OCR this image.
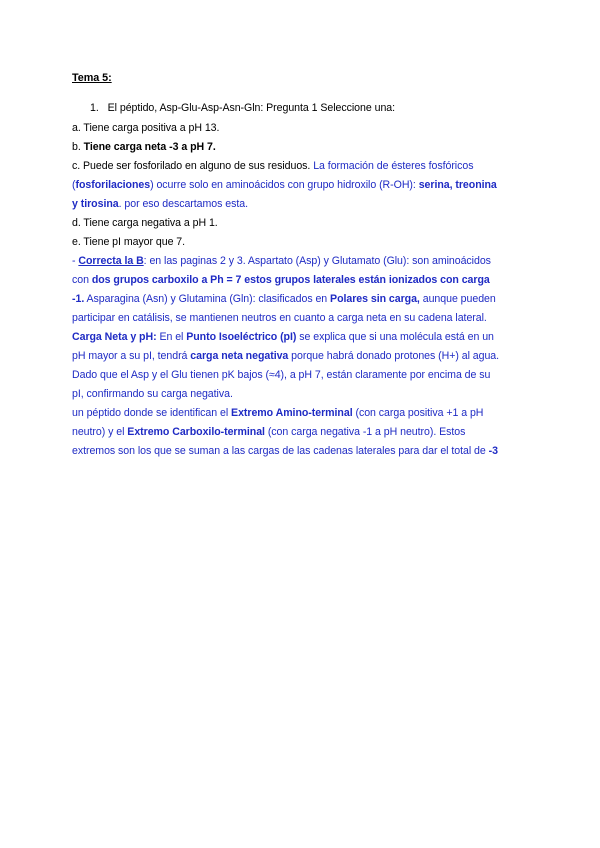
Tema 5:
1. El péptido, Asp-Glu-Asp-Asn-Gln: Pregunta 1 Seleccione una:
a. Tiene carga positiva a pH 13.
b. Tiene carga neta -3 a pH 7.
c. Puede ser fosforilado en alguno de sus residuos. La formación de ésteres fosfóricos
(fosforilaciones) ocurre solo en aminoácidos con grupo hidroxilo (R-OH): serina, treonina
y tirosina. por eso descartamos esta.
d. Tiene carga negativa a pH 1.
e. Tiene pI mayor que 7.
- Correcta la B: en las paginas 2 y 3. Aspartato (Asp) y Glutamato (Glu): son aminoácidos
con dos grupos carboxilo a Ph = 7 estos grupos laterales están ionizados con carga
-1. Asparagina (Asn) y Glutamina (Gln): clasificados en Polares sin carga, aunque pueden
participar en catálisis, se mantienen neutros en cuanto a carga neta en su cadena lateral.
Carga Neta y pH: En el Punto Isoeléctrico (pI) se explica que si una molécula está en un
pH mayor a su pI, tendrá carga neta negativa porque habrá donado protones (H+) al agua.
Dado que el Asp y el Glu tienen pK bajos (≈4), a pH 7, están claramente por encima de su
pI, confirmando su carga negativa.
un péptido donde se identifican el Extremo Amino-terminal (con carga positiva +1 a pH
neutro) y el Extremo Carboxilo-terminal (con carga negativa -1 a pH neutro). Estos
extremos son los que se suman a las cargas de las cadenas laterales para dar el total de -3
